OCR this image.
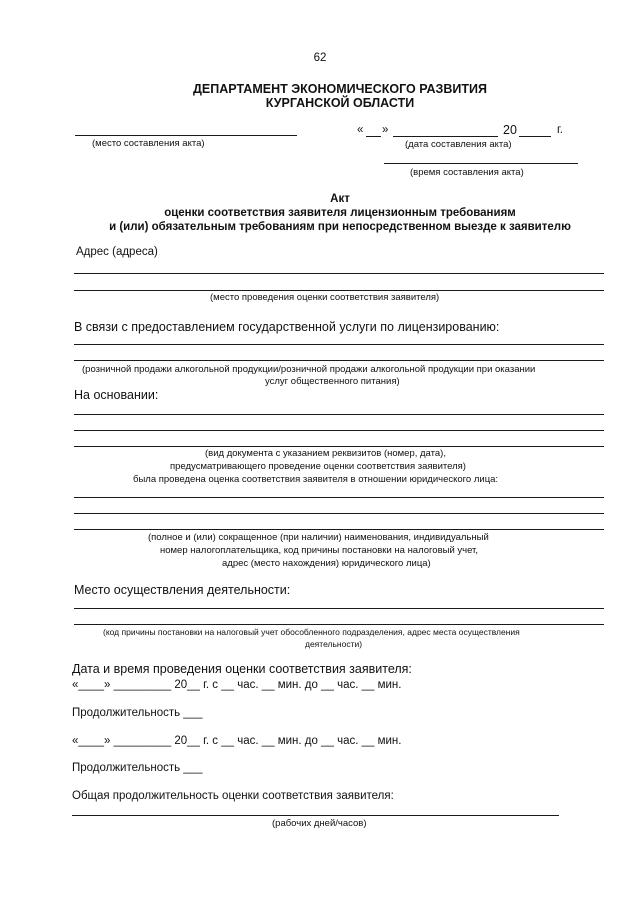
62
ДЕПАРТАМЕНТ ЭКОНОМИЧЕСКОГО РАЗВИТИЯ
КУРГАНСКОЙ ОБЛАСТИ
(место составления акта)
« »	20	г.
(дата составления акта)
(время составления акта)
Акт
оценки соответствия заявителя лицензионным требованиям
и (или) обязательным требованиям при непосредственном выезде к заявителю
Адрес (адреса)
(место проведения оценки соответствия заявителя)
В связи с предоставлением государственной услуги по лицензированию:
(розничной продажи алкогольной продукции/розничной продажи алкогольной продукции при оказании
услуг общественного питания)
На основании:
(вид документа с указанием реквизитов (номер, дата),
предусматривающего проведение оценки соответствия заявителя)
была проведена оценка соответствия заявителя в отношении юридического лица:
(полное и (или) сокращенное (при наличии) наименования, индивидуальный
номер налогоплательщика, код причины постановки на налоговый учет,
адрес (место нахождения) юридического лица)
Место осуществления деятельности:
(код причины постановки на налоговый учет обособленного подразделения, адрес места осуществления
деятельности)
Дата и время проведения оценки соответствия заявителя:
«____» _________ 20__ г. с __ час. __ мин. до __ час. __ мин.
Продолжительность ___
«____» _________ 20__ г. с __ час. __ мин. до __ час. __ мин.
Продолжительность ___
Общая продолжительность оценки соответствия заявителя:
(рабочих дней/часов)
